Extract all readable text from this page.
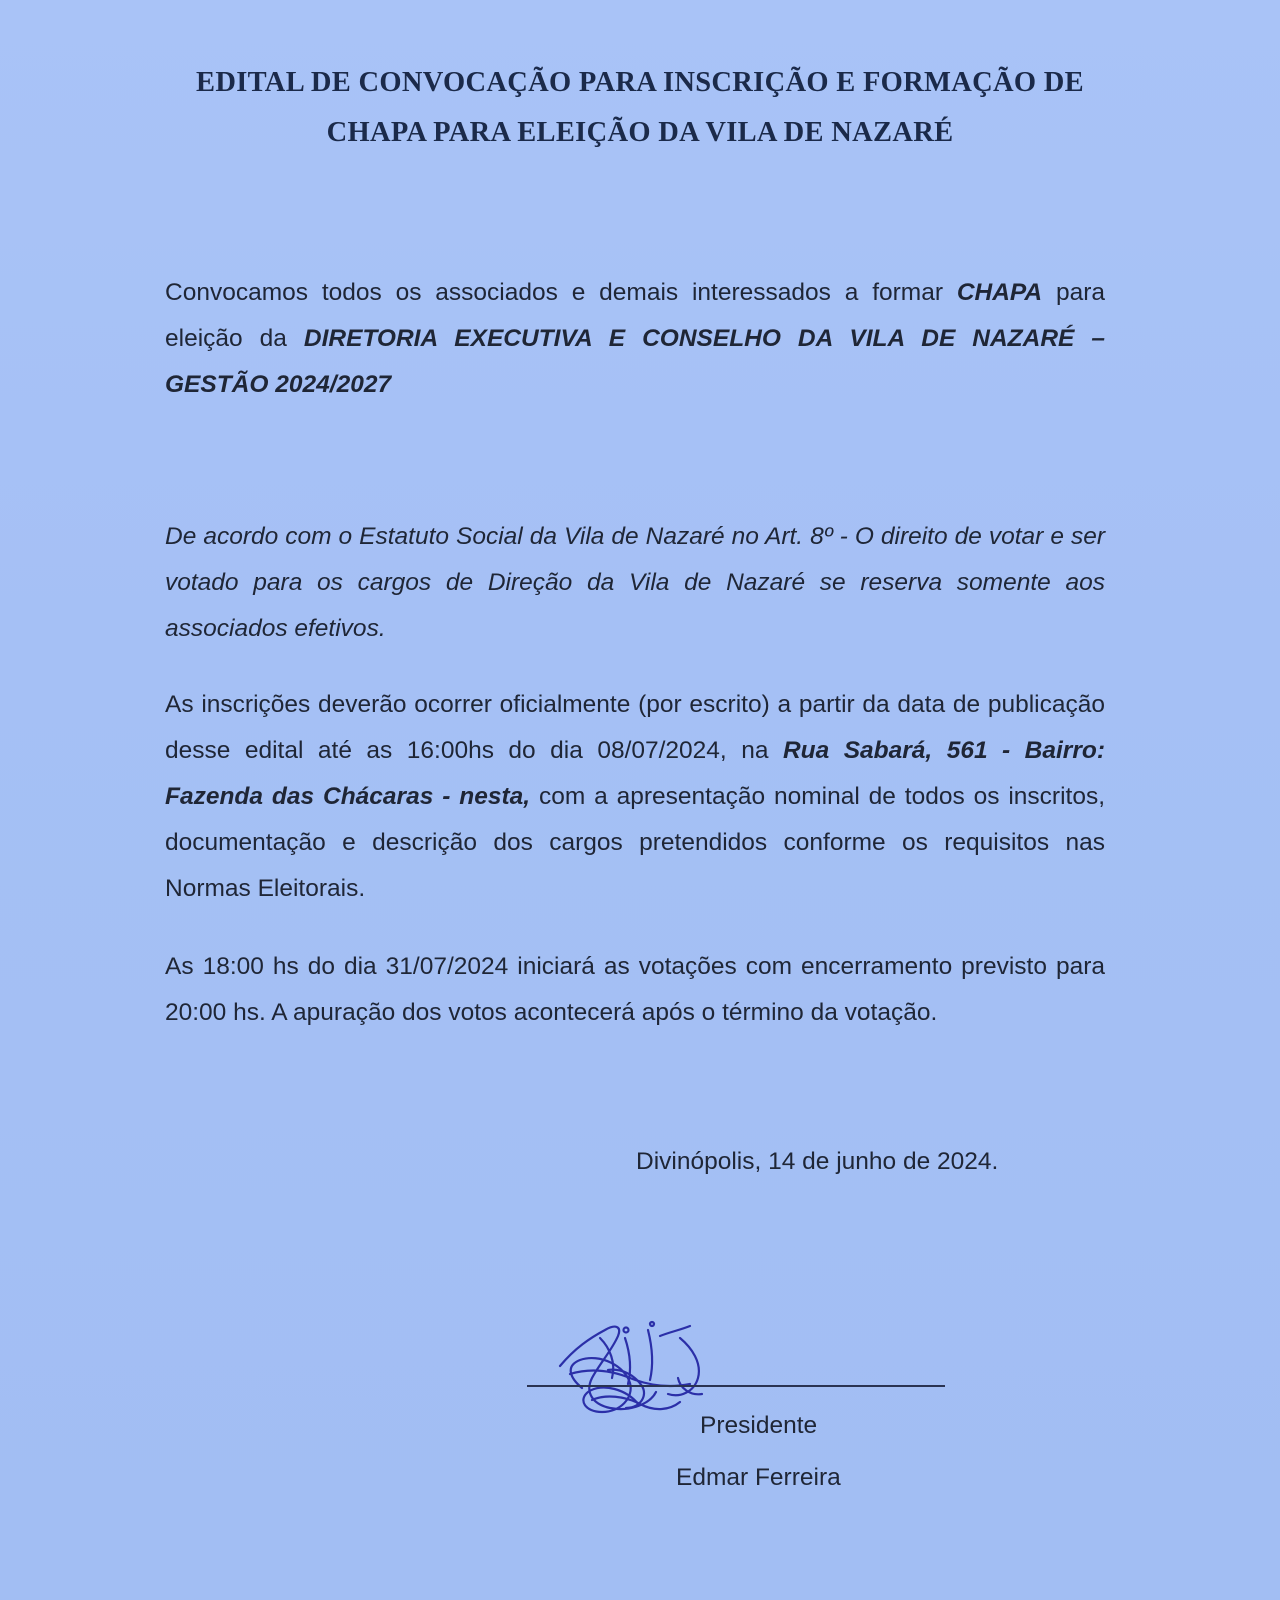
EDITAL DE CONVOCAÇÃO PARA INSCRIÇÃO E FORMAÇÃO DE
CHAPA PARA ELEIÇÃO DA VILA DE NAZARÉ
Convocamos todos os associados e demais interessados a formar CHAPA para eleição da DIRETORIA EXECUTIVA E CONSELHO DA VILA DE NAZARÉ – GESTÃO 2024/2027
De acordo com o Estatuto Social da Vila de Nazaré no Art. 8º - O direito de votar e ser votado para os cargos de Direção da Vila de Nazaré se reserva somente aos associados efetivos.
As inscrições deverão ocorrer oficialmente (por escrito) a partir da data de publicação desse edital até as 16:00hs do dia 08/07/2024, na Rua Sabará, 561 - Bairro: Fazenda das Chácaras - nesta, com a apresentação nominal de todos os inscritos, documentação e descrição dos cargos pretendidos conforme os requisitos nas Normas Eleitorais.
As 18:00 hs do dia 31/07/2024 iniciará as votações com encerramento previsto para 20:00 hs. A apuração dos votos acontecerá após o término da votação.
Divinópolis, 14 de junho de 2024.
Presidente
Edmar Ferreira
